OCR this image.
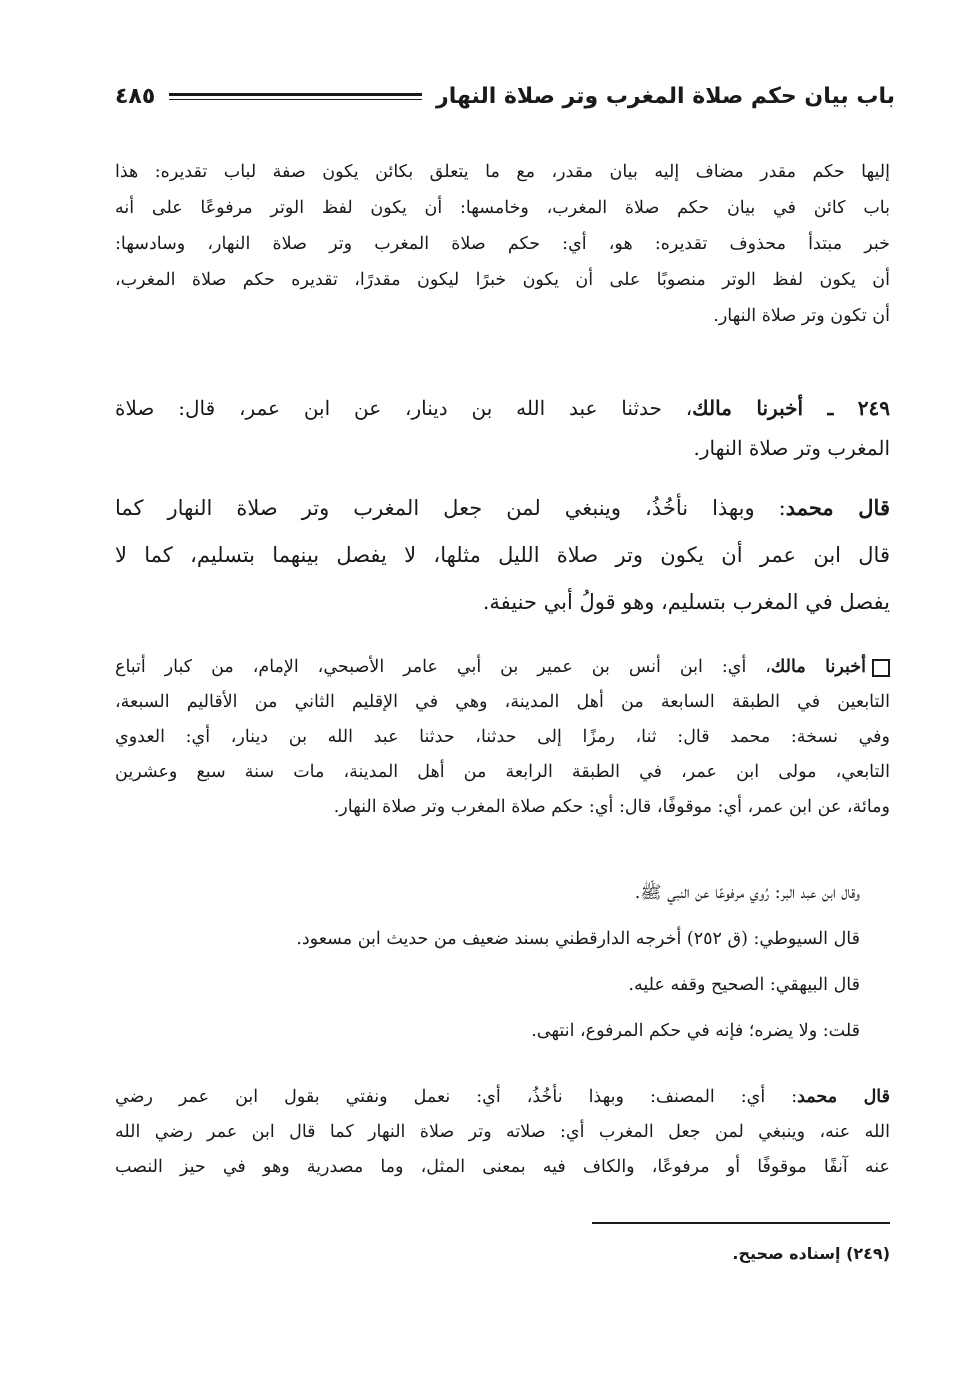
باب بيان حكم صلاة المغرب وتر صلاة النهار
٤٨٥
إليها حكم مقدر مضاف إليه بيان مقدر، مع ما يتعلق بكائن يكون صفة لباب تقديره: هذا
باب كائن في بيان حكم صلاة المغرب، وخامسها: أن يكون لفظ الوتر مرفوعًا على أنه
خبر مبتدأ محذوف تقديره: هو، أي: حكم صلاة المغرب وتر صلاة النهار، وسادسها:
أن يكون لفظ الوتر منصوبًا على أن يكون خبرًا ليكون مقدرًا، تقديره حكم صلاة المغرب،
أن تكون وتر صلاة النهار.
٢٤٩ ـ أخبرنا مالك، حدثنا عبد الله بن دينار، عن ابن عمر، قال: صلاة
المغرب وتر صلاة النهار.
قال محمد: وبهذا نأخُذُ، وينبغي لمن جعل المغرب وتر صلاة النهار كما
قال ابن عمر أن يكون وتر صلاة الليل مثلها، لا يفصل بينهما بتسليم، كما لا
يفصل في المغرب بتسليم، وهو قولُ أبي حنيفة.
أخبرنا مالك، أي: ابن أنس بن عمير بن أبي عامر الأصبحي، الإمام، من كبار أتباع
التابعين في الطبقة السابعة من أهل المدينة، وهي في الإقليم الثاني من الأقاليم السبعة،
وفي نسخة: محمد قال: ثنا، رمزًا إلى حدثنا، حدثنا عبد الله بن دينار، أي: العدوي
التابعي، مولى ابن عمر، في الطبقة الرابعة من أهل المدينة، مات سنة سبع وعشرين
ومائة، عن ابن عمر، أي: موقوفًا، قال: أي: حكم صلاة المغرب وتر صلاة النهار.
وقال ابن عبد البر: رُوي مرفوعًا عن النبي ﷺ.
قال السيوطي: (ق ٢٥٢) أخرجه الدارقطني بسند ضعيف من حديث ابن مسعود.
قال البيهقي: الصحيح وقفه عليه.
قلت: ولا يضره؛ فإنه في حكم المرفوع، انتهى.
قال محمد: أي: المصنف: وبهذا نأخُذُ، أي: نعمل ونفتي بقول ابن عمر رضي
الله عنه، وينبغي لمن جعل المغرب أي: صلاته وتر صلاة النهار كما قال ابن عمر رضي الله
عنه آنفًا موقوفًا أو مرفوعًا، والكاف فيه بمعنى المثل، وما مصدرية وهو في حيز النصب
(٢٤٩) إسناده صحيح.
